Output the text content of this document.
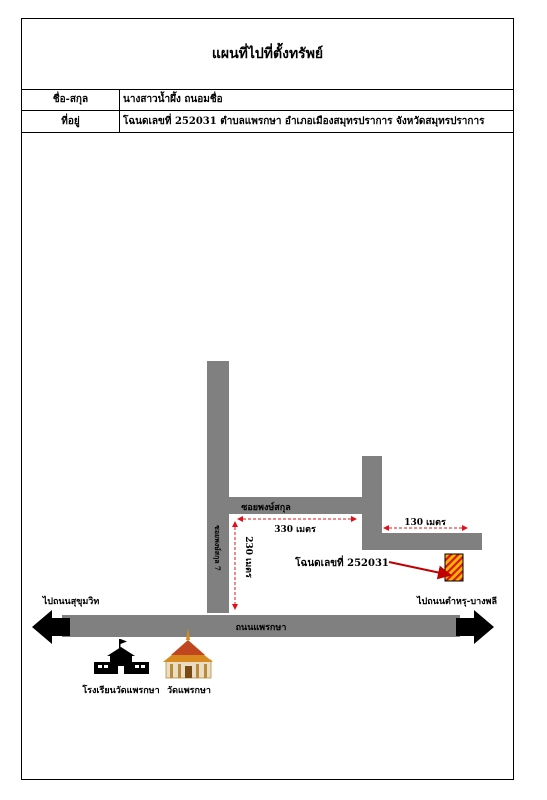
แผนที่ไปที่ตั้งทรัพย์
ชื่อ-สกุล	นางสาวน้ำผึ้ง ถนอมชื่อ
ที่อยู่	โฉนดเลขที่ 252031 ตำบลแพรกษา อำเภอเมืองสมุทรปราการ จังหวัดสมุทรปราการ
ซอยพงษ์สกุล
330 เมตร
130 เมตร
230 เมตร
ซอยพงษ์สกุล 7	โฉนดเลขที่ 252031
ไปถนนสุขุมวิท	ไปถนนตำหรุ-บางพลี
ถนนแพรกษา
โรงเรียนวัดแพรกษา วัดแพรกษา
